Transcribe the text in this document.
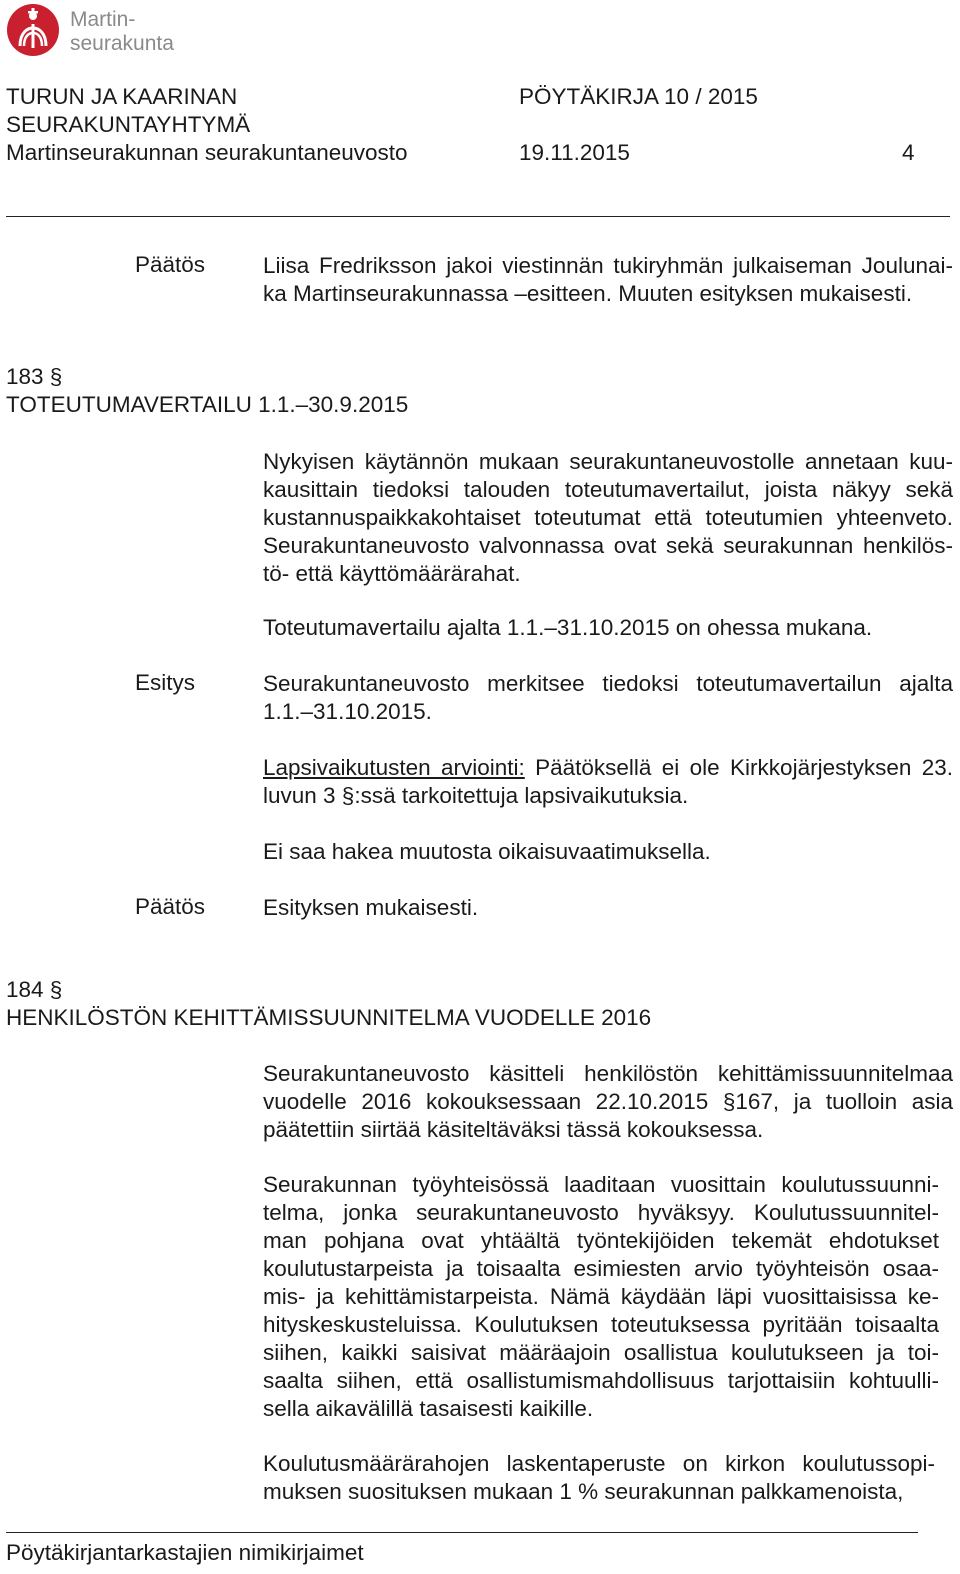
Martin-
seurakunta
TURUN JA KAARINAN
SEURAKUNTAYHTYMÄ
Martinseurakunnan seurakuntaneuvosto
PÖYTÄKIRJA 10 / 2015
19.11.2015	4
Päätös	Liisa Fredriksson jakoi viestinnän tukiryhmän julkaiseman Joulunai-
ka Martinseurakunnassa –esitteen. Muuten esityksen mukaisesti.
183 §
TOTEUTUMAVERTAILU 1.1.–30.9.2015
Nykyisen käytännön mukaan seurakuntaneuvostolle annetaan kuu-
kausittain tiedoksi talouden toteutumavertailut, joista näkyy sekä
kustannuspaikkakohtaiset toteutumat että toteutumien yhteenveto.
Seurakuntaneuvosto valvonnassa ovat sekä seurakunnan henkilös-
tö- että käyttömäärärahat.
Toteutumavertailu ajalta 1.1.–31.10.2015 on ohessa mukana.
Esitys	Seurakuntaneuvosto merkitsee tiedoksi toteutumavertailun ajalta
1.1.–31.10.2015.
Lapsivaikutusten arviointi: Päätöksellä ei ole Kirkkojärjestyksen 23.
luvun 3 §:ssä tarkoitettuja lapsivaikutuksia.
Ei saa hakea muutosta oikaisuvaatimuksella.
Päätös	Esityksen mukaisesti.
184 §
HENKILÖSTÖN KEHITTÄMISSUUNNITELMA VUODELLE 2016
Seurakuntaneuvosto käsitteli henkilöstön kehittämissuunnitelmaa
vuodelle 2016 kokouksessaan 22.10.2015 §167, ja tuolloin asia
päätettiin siirtää käsiteltäväksi tässä kokouksessa.
Seurakunnan työyhteisössä laaditaan vuosittain koulutussuunni-
telma, jonka seurakuntaneuvosto hyväksyy. Koulutussuunnitel-
man pohjana ovat yhtäältä työntekijöiden tekemät ehdotukset
koulutustarpeista ja toisaalta esimiesten arvio työyhteisön osaa-
mis- ja kehittämistarpeista. Nämä käydään läpi vuosittaisissa ke-
hityskeskusteluissa. Koulutuksen toteutuksessa pyritään toisaalta
siihen, kaikki saisivat määräajoin osallistua koulutukseen ja toi-
saalta siihen, että osallistumismahdollisuus tarjottaisiin kohtuulli-
sella aikavälillä tasaisesti kaikille.
Koulutusmäärärahojen laskentaperuste on kirkon koulutussopi-
muksen suosituksen mukaan 1 % seurakunnan palkkamenoista,
Pöytäkirjantarkastajien nimikirjaimet
